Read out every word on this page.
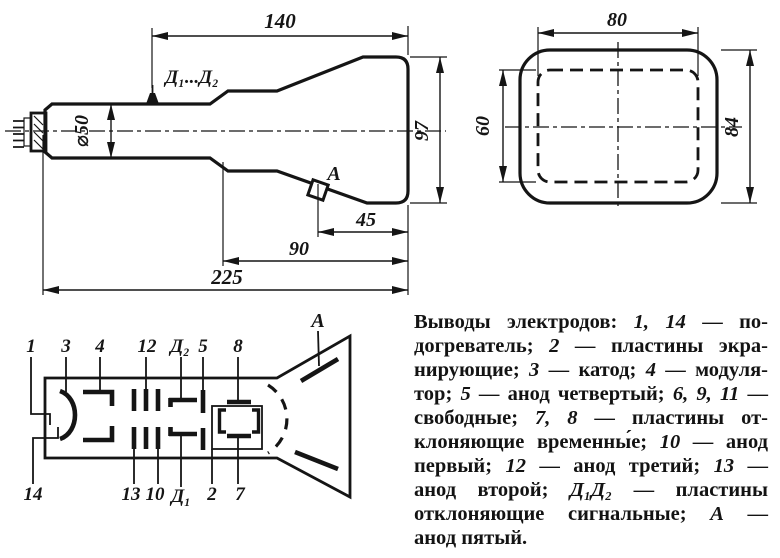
140
⌀50	97
45
90
225
Д₁...Д₂
А
80
60	84
1 3 4 12 Д₂ 5 8
А
14	13 10 Д₁ 2 7
Выводы электродов: 1, 14 — по-
догреватель; 2 — пластины экра-
нирующие; 3 — катод; 4 — модуля-
тор; 5 — анод четвертый; 6, 9, 11 —
свободные; 7, 8 — пластины от-
клоняющие временны́е; 10 — анод
первый; 12 — анод третий; 13 —
анод второй; Д₁Д₂ — пластины
отклоняющие сигнальные; А —
анод пятый.
